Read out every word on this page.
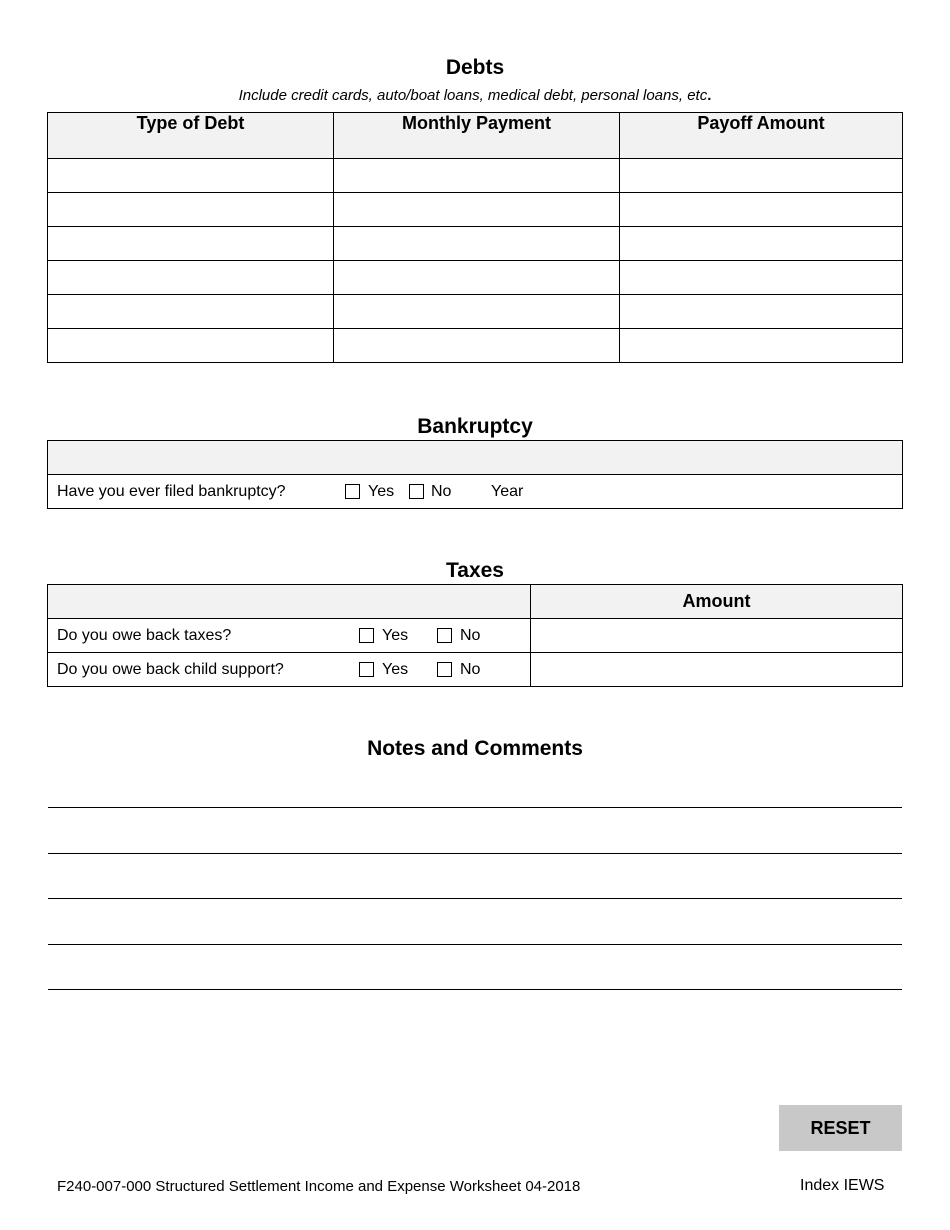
Debts
Include credit cards, auto/boat loans, medical debt, personal loans, etc.
Type of Debt	Monthly Payment	Payoff Amount

Bankruptcy

Have you ever filed bankruptcy?	Yes No Year
Taxes
	Amount

Do you owe back taxes?	Yes	No
Do you owe back child support?	Yes	No
Notes and Comments
RESET
F240-007-000 Structured Settlement Income and Expense Worksheet 04-2018	Index IEWS
